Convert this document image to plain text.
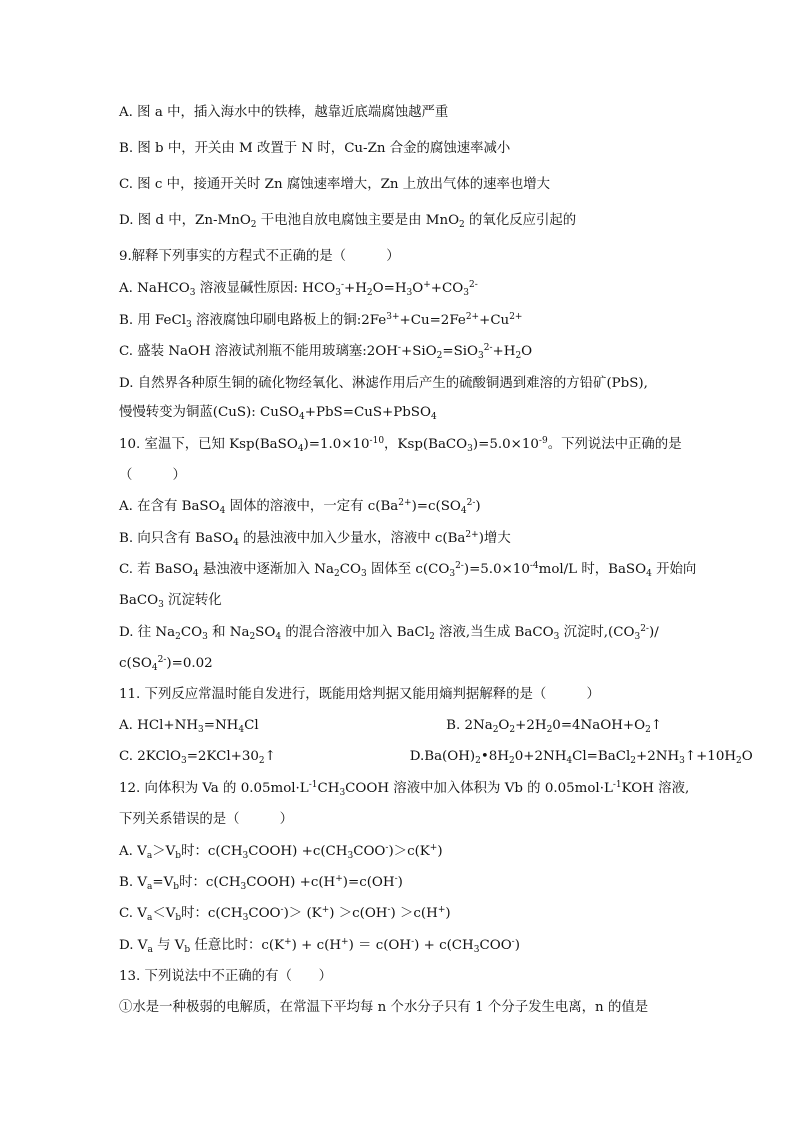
A. 图 a 中，插入海水中的铁棒，越靠近底端腐蚀越严重
B. 图 b 中，开关由 M 改置于 N 时，Cu-Zn 合金的腐蚀速率减小
C. 图 c 中，接通开关时 Zn 腐蚀速率增大，Zn 上放出气体的速率也增大
D. 图 d 中，Zn-MnO$_2$ 干电池自放电腐蚀主要是由 MnO$_2$ 的氧化反应引起的
9.解释下列事实的方程式不正确的是（　　　）
A. NaHCO$_3$ 溶液显碱性原因: $HCO_3^-+H_2O=H_3O^++CO_3^{2-}$
B. 用 FeCl$_3$ 溶液腐蚀印刷电路板上的铜$:2Fe^{3+}+Cu=2Fe^{2+}+Cu^{2+}$
C. 盛装 NaOH 溶液试剂瓶不能用玻璃塞$:2OH^-+SiO_2=SiO_3^{2-}+H_2O$
D. 自然界各种原生铜的硫化物经氧化、淋滤作用后产生的硫酸铜遇到难溶的方铅矿(PbS),
慢慢转变为铜蓝(CuS): CuSO$_4$+PbS=CuS+PbSO$_4$
10. 室温下，已知 $Ksp(BaSO_4)=1.0\times 10^{-10}$，$Ksp(BaCO_3)=5.0\times 10^{-9}$。下列说法中正确的是
（　　　）
A. 在含有 BaSO$_4$ 固体的溶液中，一定有 $c(Ba^{2+})=c(SO_4^{2-})$
B. 向只含有 BaSO$_4$ 的悬浊液中加入少量水，溶液中 $c(Ba^{2+})$增大
C. 若 BaSO$_4$ 悬浊液中逐渐加入 $Na_2CO_3$ 固体至 $c(CO_3^{2-})=5.0\times 10^{-4}mol/L$ 时，BaSO$_4$ 开始向
BaCO$_3$ 沉淀转化
D. 往 $Na_2CO_3$ 和 $Na_2SO_4$ 的混合溶液中加入 BaCl$_2$ 溶液,当生成 BaCO$_3$ 沉淀时$,(CO_3^{2-})/$
$c(SO_4^{2-})=0.02$
11. 下列反应常温时能自发进行，既能用焓判据又能用熵判据解释的是（　　　）
A. $HCl+NH_3=NH_4Cl$　　　　　　　　　　　　　　B. $2Na_2O_2+2H_20=4NaOH+O_2↑$
C. $2KClO_3=2KCl+30_2↑$　　　　　　　　　　$D.Ba(OH)_2•8H_20+2NH_4Cl=BaCl_2+2NH_3↑+10H_2O$
12. 向体积为 Va 的 $0.05mol\cdot L^{-1}CH_3COOH$ 溶液中加入体积为 Vb 的 $0.05mol\cdot L^{-1}KOH$ 溶液,
下列关系错误的是（　　　）
A. $V_a>V_b$时：$c(CH_3COOH) +c(CH_3COO^-)>c(K^+)$
B. $V_a=V_b$时：$c(CH_3COOH) +c(H^+)=c(OH^-)$
C. $V_a<V_b$时：$c(CH_3COO^-)> (K^+) >c(OH^-) >c(H^+)$
D. $V_a$ 与 $V_b$ 任意比时：$c(K^+) + c(H^+) = c(OH^-) + c(CH_3COO^-)$
13. 下列说法中不正确的有（　　）
①水是一种极弱的电解质，在常温下平均每 n 个水分子只有 1 个分子发生电离，n 的值是
